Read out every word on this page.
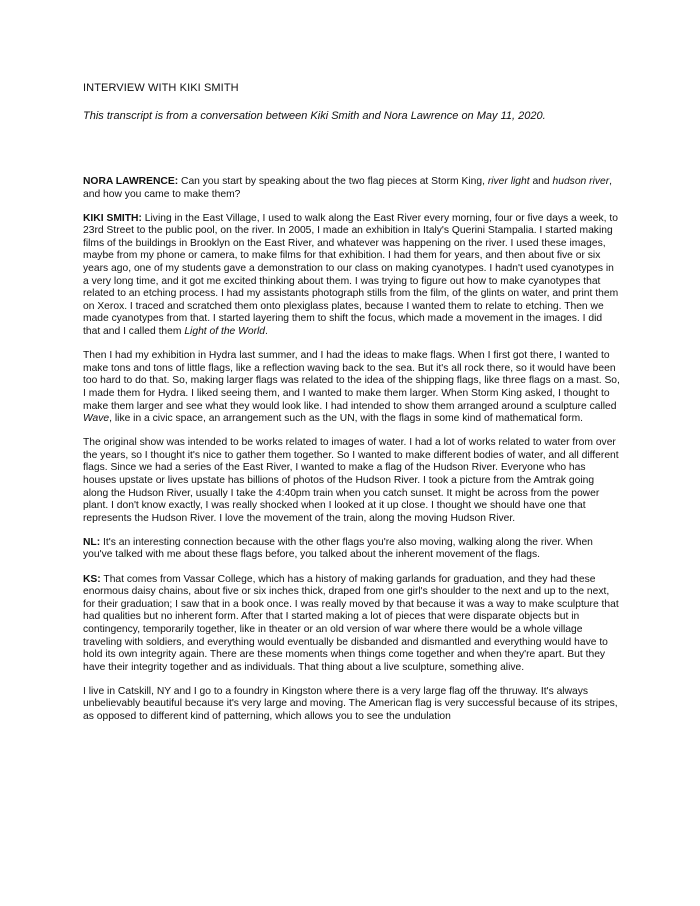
INTERVIEW WITH KIKI SMITH
This transcript is from a conversation between Kiki Smith and Nora Lawrence on May 11, 2020.

NORA LAWRENCE: Can you start by speaking about the two flag pieces at Storm King, river light and hudson river, and how you came to make them?

KIKI SMITH: Living in the East Village, I used to walk along the East River every morning, four or five days a week, to 23rd Street to the public pool, on the river. In 2005, I made an exhibition in Italy's Querini Stampalia. I started making films of the buildings in Brooklyn on the East River, and whatever was happening on the river. I used these images, maybe from my phone or camera, to make films for that exhibition. I had them for years, and then about five or six years ago, one of my students gave a demonstration to our class on making cyanotypes. I hadn't used cyanotypes in a very long time, and it got me excited thinking about them. I was trying to figure out how to make cyanotypes that related to an etching process. I had my assistants photograph stills from the film, of the glints on water, and print them on Xerox. I traced and scratched them onto plexiglass plates, because I wanted them to relate to etching. Then we made cyanotypes from that. I started layering them to shift the focus, which made a movement in the images. I did that and I called them Light of the World.

Then I had my exhibition in Hydra last summer, and I had the ideas to make flags. When I first got there, I wanted to make tons and tons of little flags, like a reflection waving back to the sea. But it's all rock there, so it would have been too hard to do that. So, making larger flags was related to the idea of the shipping flags, like three flags on a mast. So, I made them for Hydra. I liked seeing them, and I wanted to make them larger. When Storm King asked, I thought to make them larger and see what they would look like. I had intended to show them arranged around a sculpture called Wave, like in a civic space, an arrangement such as the UN, with the flags in some kind of mathematical form.

The original show was intended to be works related to images of water. I had a lot of works related to water from over the years, so I thought it's nice to gather them together. So I wanted to make different bodies of water, and all different flags. Since we had a series of the East River, I wanted to make a flag of the Hudson River. Everyone who has houses upstate or lives upstate has billions of photos of the Hudson River. I took a picture from the Amtrak going along the Hudson River, usually I take the 4:40pm train when you catch sunset. It might be across from the power plant. I don't know exactly, I was really shocked when I looked at it up close. I thought we should have one that represents the Hudson River. I love the movement of the train, along the moving Hudson River.

NL: It's an interesting connection because with the other flags you're also moving, walking along the river. When you've talked with me about these flags before, you talked about the inherent movement of the flags.

KS: That comes from Vassar College, which has a history of making garlands for graduation, and they had these enormous daisy chains, about five or six inches thick, draped from one girl's shoulder to the next and up to the next, for their graduation; I saw that in a book once. I was really moved by that because it was a way to make sculpture that had qualities but no inherent form. After that I started making a lot of pieces that were disparate objects but in contingency, temporarily together, like in theater or an old version of war where there would be a whole village traveling with soldiers, and everything would eventually be disbanded and dismantled and everything would have to hold its own integrity again. There are these moments when things come together and when they're apart. But they have their integrity together and as individuals. That thing about a live sculpture, something alive.

I live in Catskill, NY and I go to a foundry in Kingston where there is a very large flag off the thruway. It's always unbelievably beautiful because it's very large and moving. The American flag is very successful because of its stripes, as opposed to different kind of patterning, which allows you to see the undulation
